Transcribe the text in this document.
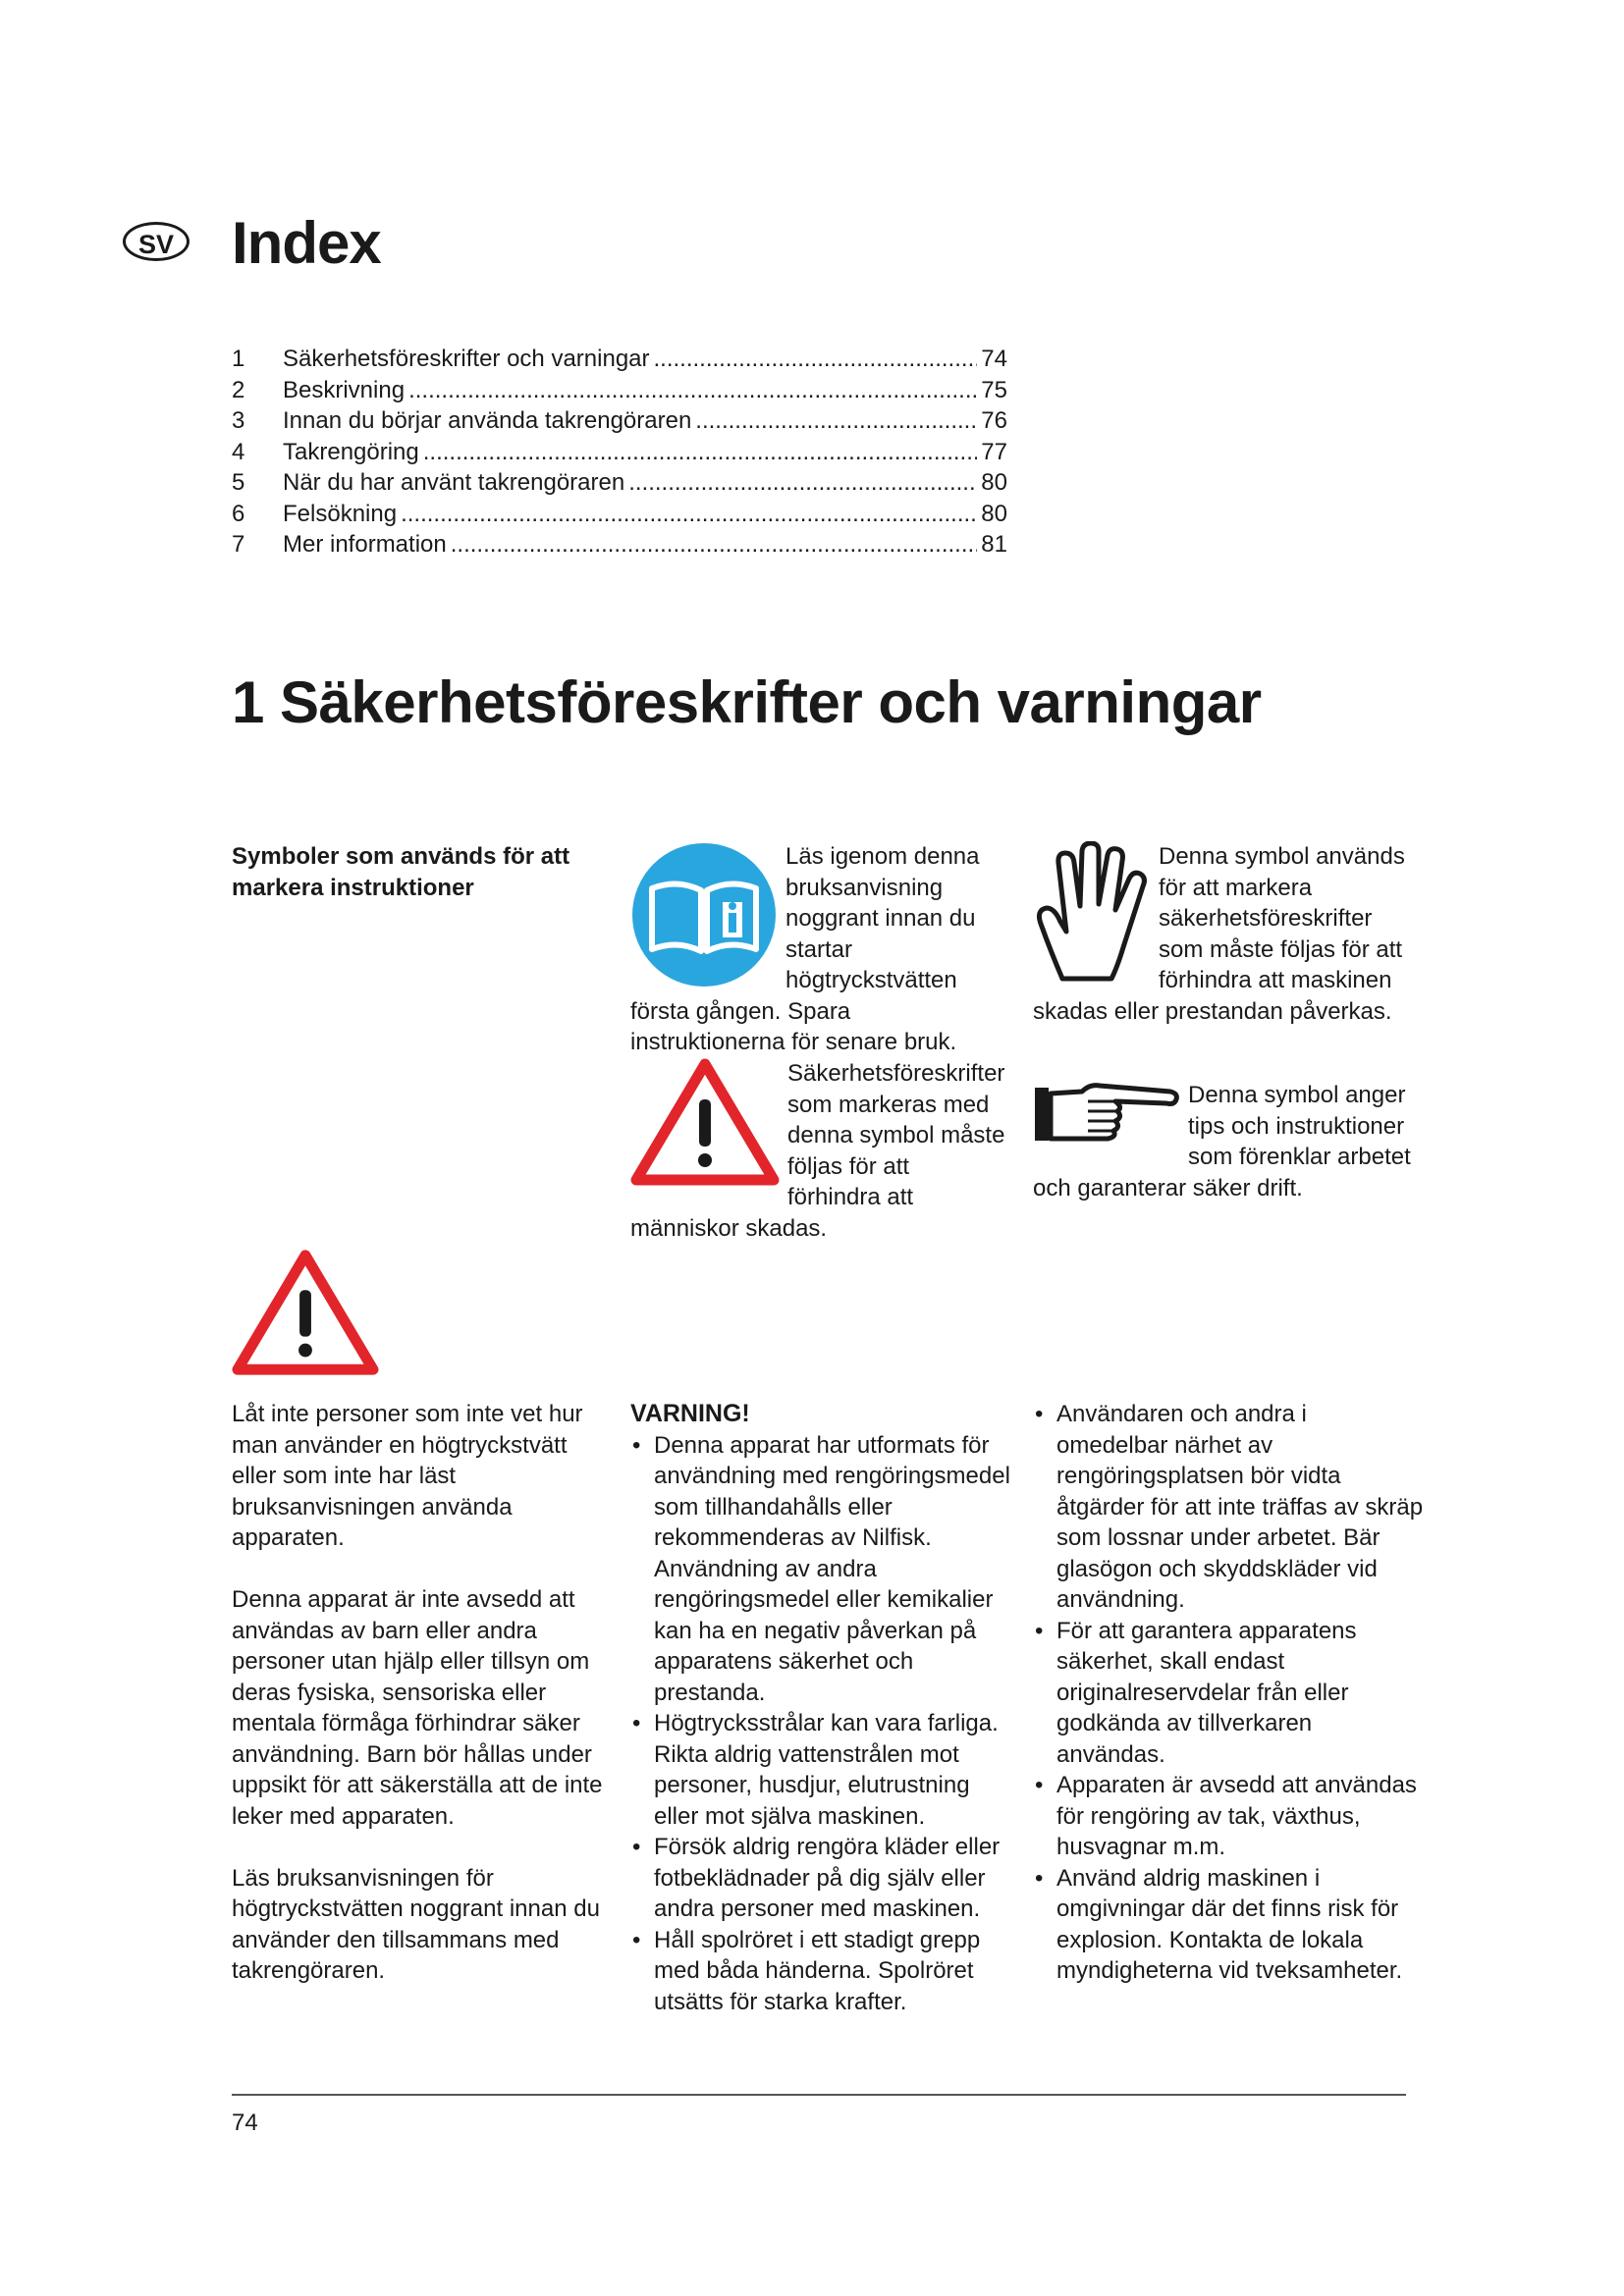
SV Index
1	Säkerhetsföreskrifter och varningar .....	74
2	Beskrivning .....	75
3	Innan du börjar använda takrengöraren .....	76
4	Takrengöring .....	77
5	När du har använt takrengöraren .....	80
6	Felsökning .....	80
7	Mer information .....	81
1 Säkerhetsföreskrifter och varningar
Symboler som används för att markera instruktioner
Läs igenom denna bruksanvisning noggrant innan du startar högtryckstvätten första gången. Spara instruktionerna för senare bruk.
Säkerhetsföreskrifter som markeras med denna symbol måste följas för att förhindra att människor skadas.
Denna symbol används för att markera säkerhetsföreskrifter som måste följas för att förhindra att maskinen skadas eller prestandan påverkas.
Denna symbol anger tips och instruktioner som förenklar arbetet och garanterar säker drift.

Låt inte personer som inte vet hur man använder en högtryckstvätt eller som inte har läst bruksanvisningen använda apparaten.

Denna apparat är inte avsedd att användas av barn eller andra personer utan hjälp eller tillsyn om deras fysiska, sensoriska eller mentala förmåga förhindrar säker användning. Barn bör hållas under uppsikt för att säkerställa att de inte leker med apparaten.

Läs bruksanvisningen för högtryckstvätten noggrant innan du använder den tillsammans med takrengöraren.

VARNING!
• Denna apparat har utformats för användning med rengöringsmedel som tillhandahålls eller rekommenderas av Nilfisk. Användning av andra rengöringsmedel eller kemikalier kan ha en negativ påverkan på apparatens säkerhet och prestanda.
• Högtrycksstrålar kan vara farliga. Rikta aldrig vattenstrålen mot personer, husdjur, elutrustning eller mot själva maskinen.
• Försök aldrig rengöra kläder eller fotbeklädnader på dig själv eller andra personer med maskinen.
• Håll spolröret i ett stadigt grepp med båda händerna. Spolröret utsätts för starka krafter.
• Användaren och andra i omedelbar närhet av rengöringsplatsen bör vidta åtgärder för att inte träffas av skräp som lossnar under arbetet. Bär glasögon och skyddskläder vid användning.
• För att garantera apparatens säkerhet, skall endast originalreservdelar från eller godkända av tillverkaren användas.
• Apparaten är avsedd att användas för rengöring av tak, växthus, husvagnar m.m.
• Använd aldrig maskinen i omgivningar där det finns risk för explosion. Kontakta de lokala myndigheterna vid tveksamheter.
74
